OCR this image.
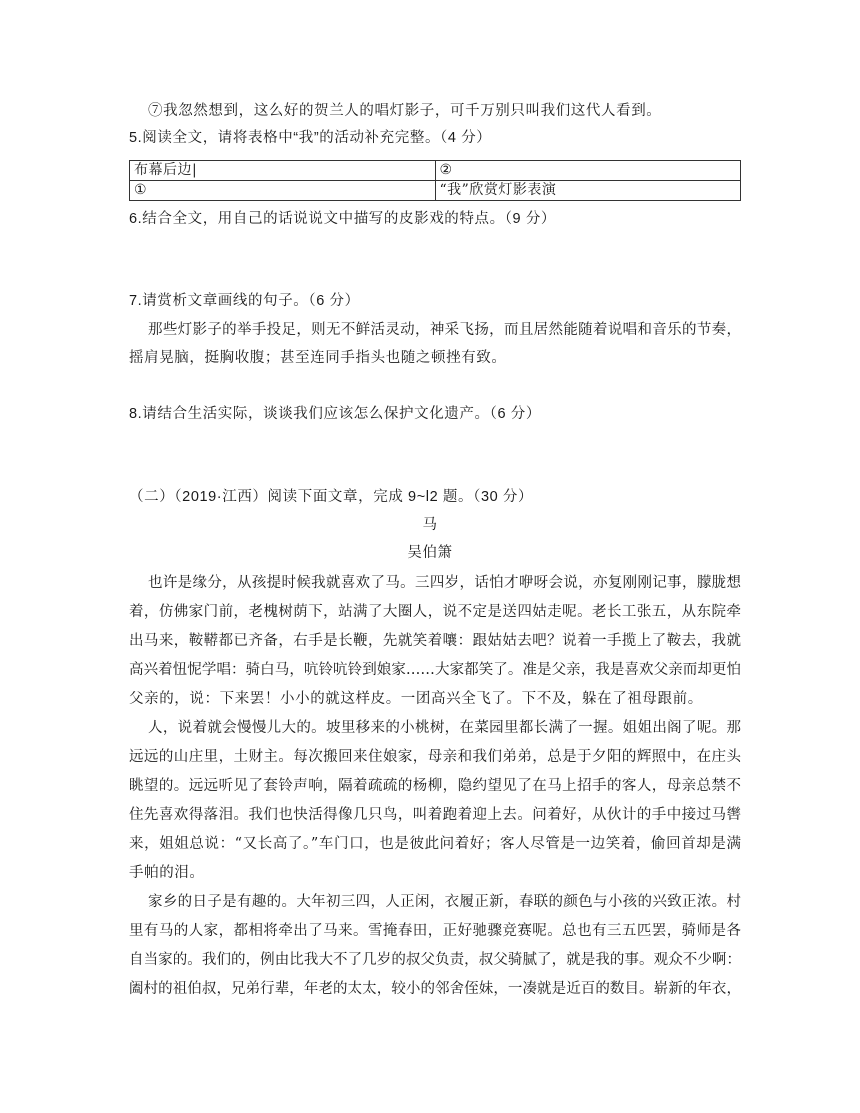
⑦我忽然想到，这么好的贺兰人的唱灯影子，可千万别只叫我们这代人看到。

5.阅读全文，请将表格中“我”的活动补充完整。（4 分）

布幕后边|	②
①	“我”欣赏灯影表演

6.结合全文，用自己的话说说文中描写的皮影戏的特点。（9 分）

7.请赏析文章画线的句子。（6 分）

那些灯影子的举手投足，则无不鲜活灵动，神采飞扬，而且居然能随着说唱和音乐的节奏，

摇肩晃脑，挺胸收腹；甚至连同手指头也随之顿挫有致。

8.请结合生活实际，谈谈我们应该怎么保护文化遗产。（6 分）

（二）（2019·江西）阅读下面文章，完成 9~l2 题。（30 分）

马

吴伯箫

也许是缘分，从孩提时候我就喜欢了马。三四岁，话怕才咿呀会说，亦复刚刚记事，朦胧想
着，仿佛家门前，老槐树荫下，站满了大圈人，说不定是送四姑走呢。老长工张五，从东院牵
出马来，鞍鞯都已齐备，右手是长鞭，先就笑着嚷：跟姑姑去吧？说着一手揽上了鞍去，我就
高兴着忸怩学唱：骑白马，吭铃吭铃到娘家……大家都笑了。准是父亲，我是喜欢父亲而却更怕

父亲的，说：下来罢！小小的就这样皮。一团高兴全飞了。下不及，躲在了祖母跟前。

人，说着就会慢慢儿大的。坡里移来的小桃树，在菜园里都长满了一握。姐姐出阁了呢。那
远远的山庄里，土财主。每次搬回来住娘家，母亲和我们弟弟，总是于夕阳的辉照中，在庄头
眺望的。远远听见了套铃声响，隔着疏疏的杨柳，隐约望见了在马上招手的客人，母亲总禁不
住先喜欢得落泪。我们也快活得像几只鸟，叫着跑着迎上去。问着好，从伙计的手中接过马辔
来，姐姐总说：“又长高了。”车门口，也是彼此问着好；客人尽管是一边笑着，偷回首却是满

手帕的泪。

家乡的日子是有趣的。大年初三四，人正闲，衣履正新，春联的颜色与小孩的兴致正浓。村
里有马的人家，都相将牵出了马来。雪掩春田，正好驰骤竞赛呢。总也有三五匹罢，骑师是各
自当家的。我们的，例由比我大不了几岁的叔父负责，叔父骑腻了，就是我的事。观众不少啊：
阖村的祖伯叔，兄弟行辈，年老的太太，较小的邻舍侄妹，一凑就是近百的数目。崭新的年衣，
